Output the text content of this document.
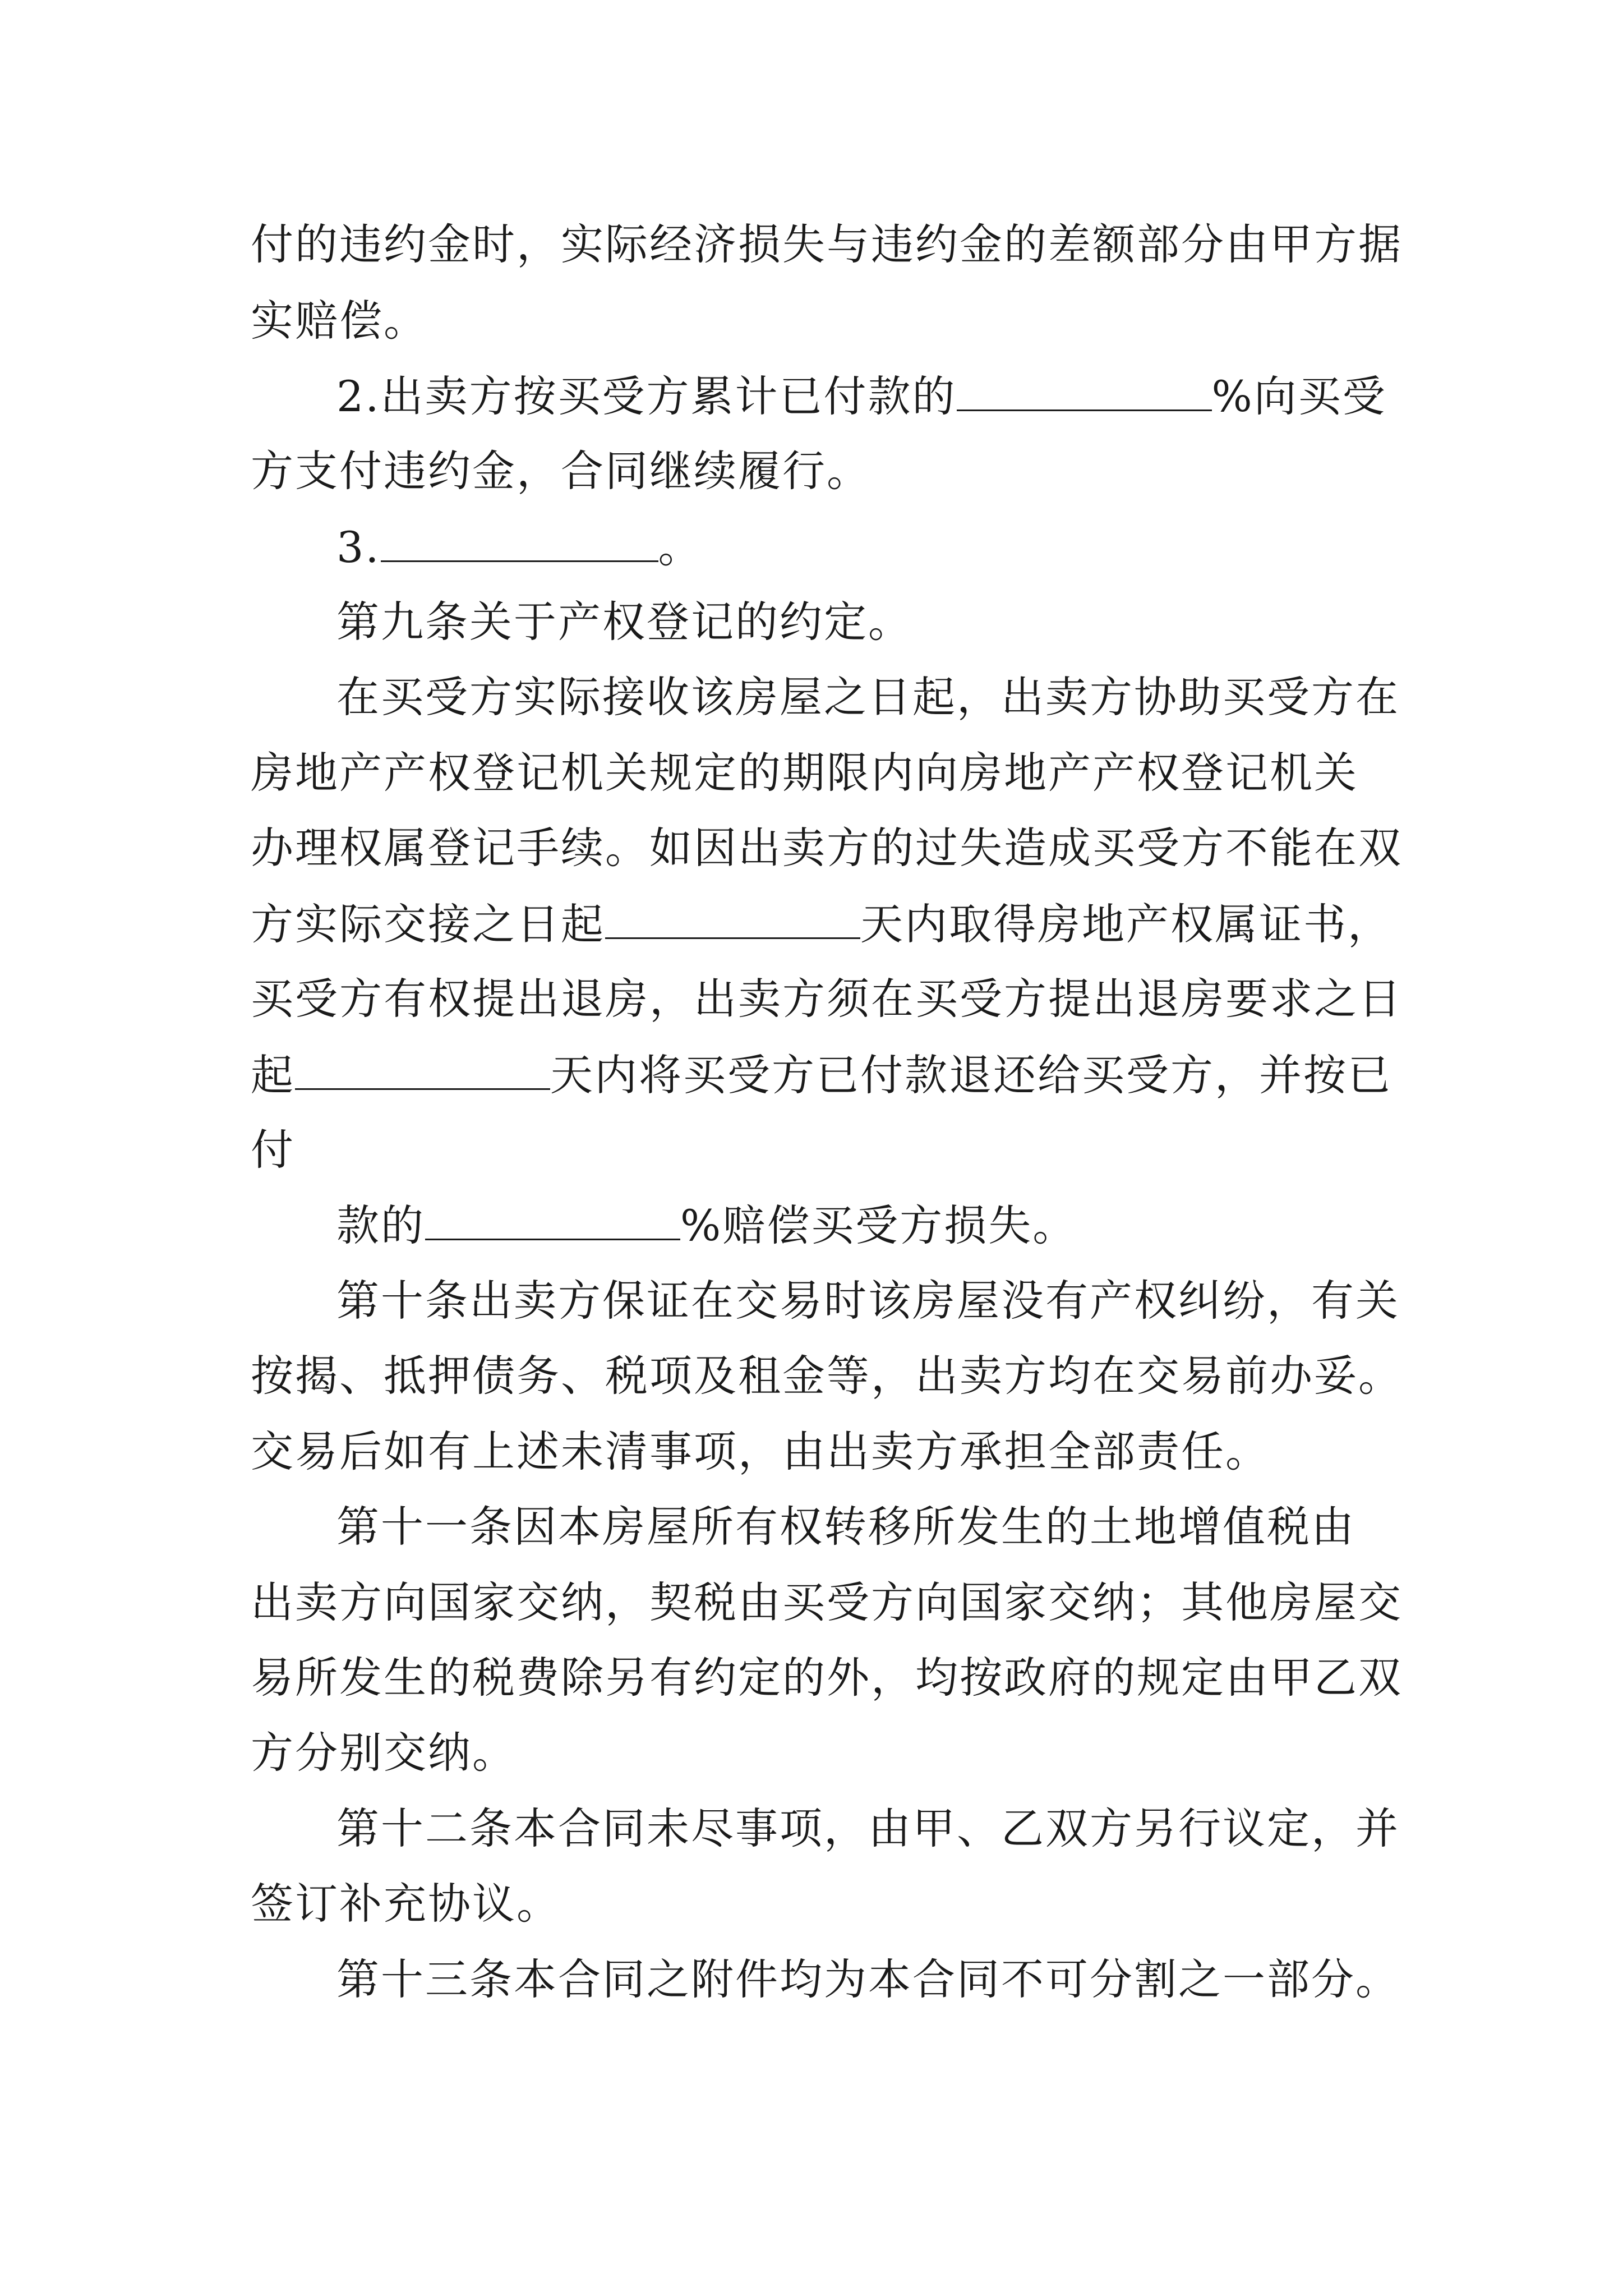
付的违约金时，实际经济损失与违约金的差额部分由甲方据
实赔偿。
2.出卖方按买受方累计已付款的	%向买受
方支付违约金，合同继续履行。
3.	。
第九条关于产权登记的约定。
在买受方实际接收该房屋之日起，出卖方协助买受方在
房地产产权登记机关规定的期限内向房地产产权登记机关
办理权属登记手续。如因出卖方的过失造成买受方不能在双
方实际交接之日起	天内取得房地产权属证书，
买受方有权提出退房，出卖方须在买受方提出退房要求之日
起	天内将买受方已付款退还给买受方，并按已
付
款的	%赔偿买受方损失。
第十条出卖方保证在交易时该房屋没有产权纠纷，有关
按揭、抵押债务、税项及租金等，出卖方均在交易前办妥。
交易后如有上述未清事项，由出卖方承担全部责任。
第十一条因本房屋所有权转移所发生的土地增值税由
出卖方向国家交纳，契税由买受方向国家交纳；其他房屋交
易所发生的税费除另有约定的外，均按政府的规定由甲乙双
方分别交纳。
第十二条本合同未尽事项，由甲、乙双方另行议定，并
签订补充协议。
第十三条本合同之附件均为本合同不可分割之一部分。
